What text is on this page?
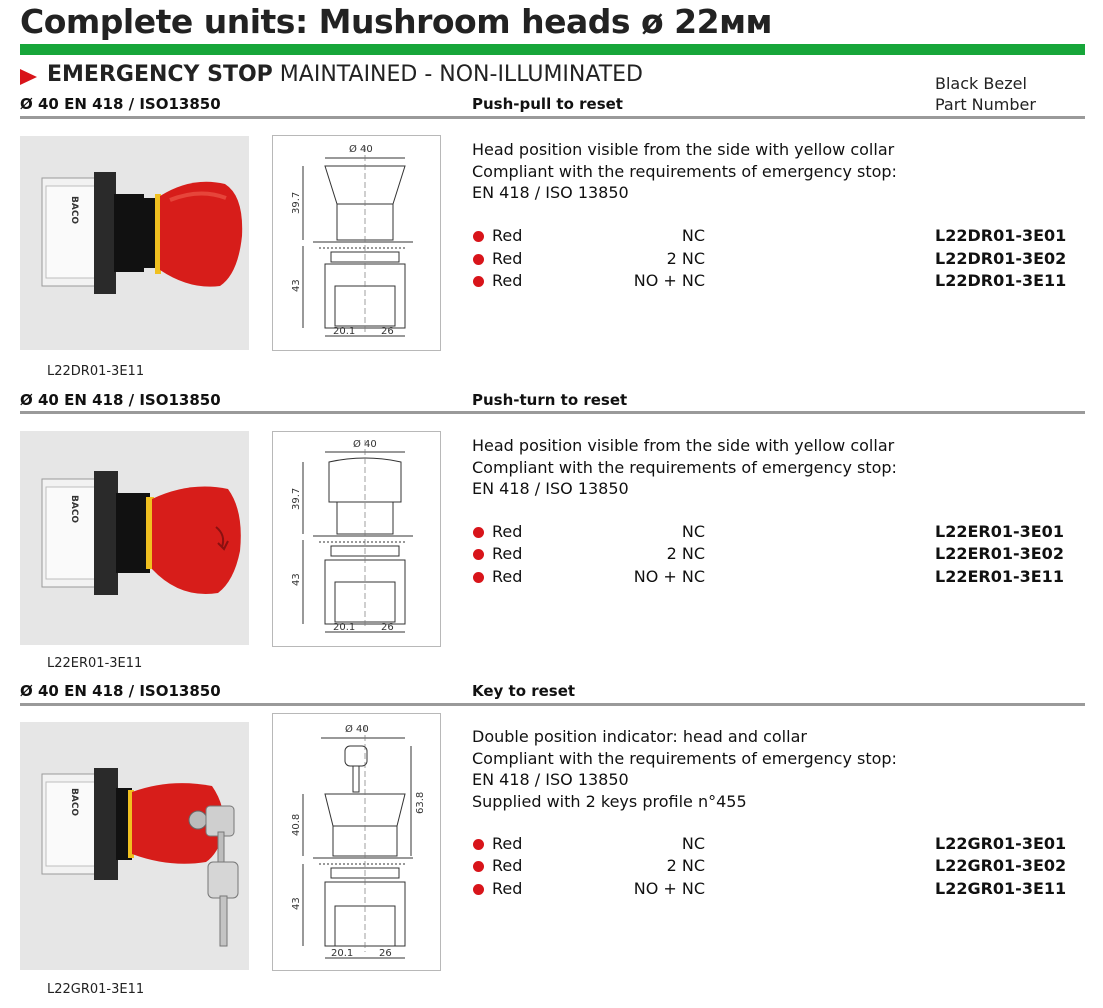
Complete units: Mushroom heads ø 22мм
EMERGENCY STOP MAINTAINED - NON-ILLUMINATED	Black Bezel
Part Number
Ø 40 EN 418 / ISO13850	Push-pull to reset
BACO
L22DR01-3E11
Ø 40
39.7
43
20.1	26
Head position visible from the side with yellow collar
Compliant with the requirements of emergency stop:
EN 418 / ISO 13850
Red	NC	L22DR01-3E01
Red	2 NC	L22DR01-3E02
Red	NO + NC	L22DR01-3E11
Ø 40 EN 418 / ISO13850	Push-turn to reset
BACO
L22ER01-3E11
Ø 40
39.7
43
20.1	26
Head position visible from the side with yellow collar
Compliant with the requirements of emergency stop:
EN 418 / ISO 13850
Red	NC	L22ER01-3E01
Red	2 NC	L22ER01-3E02
Red	NO + NC	L22ER01-3E11
Ø 40 EN 418 / ISO13850	Key to reset
BACO
L22GR01-3E11
Ø 40
40.8
63.8
43
20.1	26
Double position indicator: head and collar
Compliant with the requirements of emergency stop:
EN 418 / ISO 13850
Supplied with 2 keys profile n°455
Red	NC	L22GR01-3E01
Red	2 NC	L22GR01-3E02
Red	NO + NC	L22GR01-3E11
